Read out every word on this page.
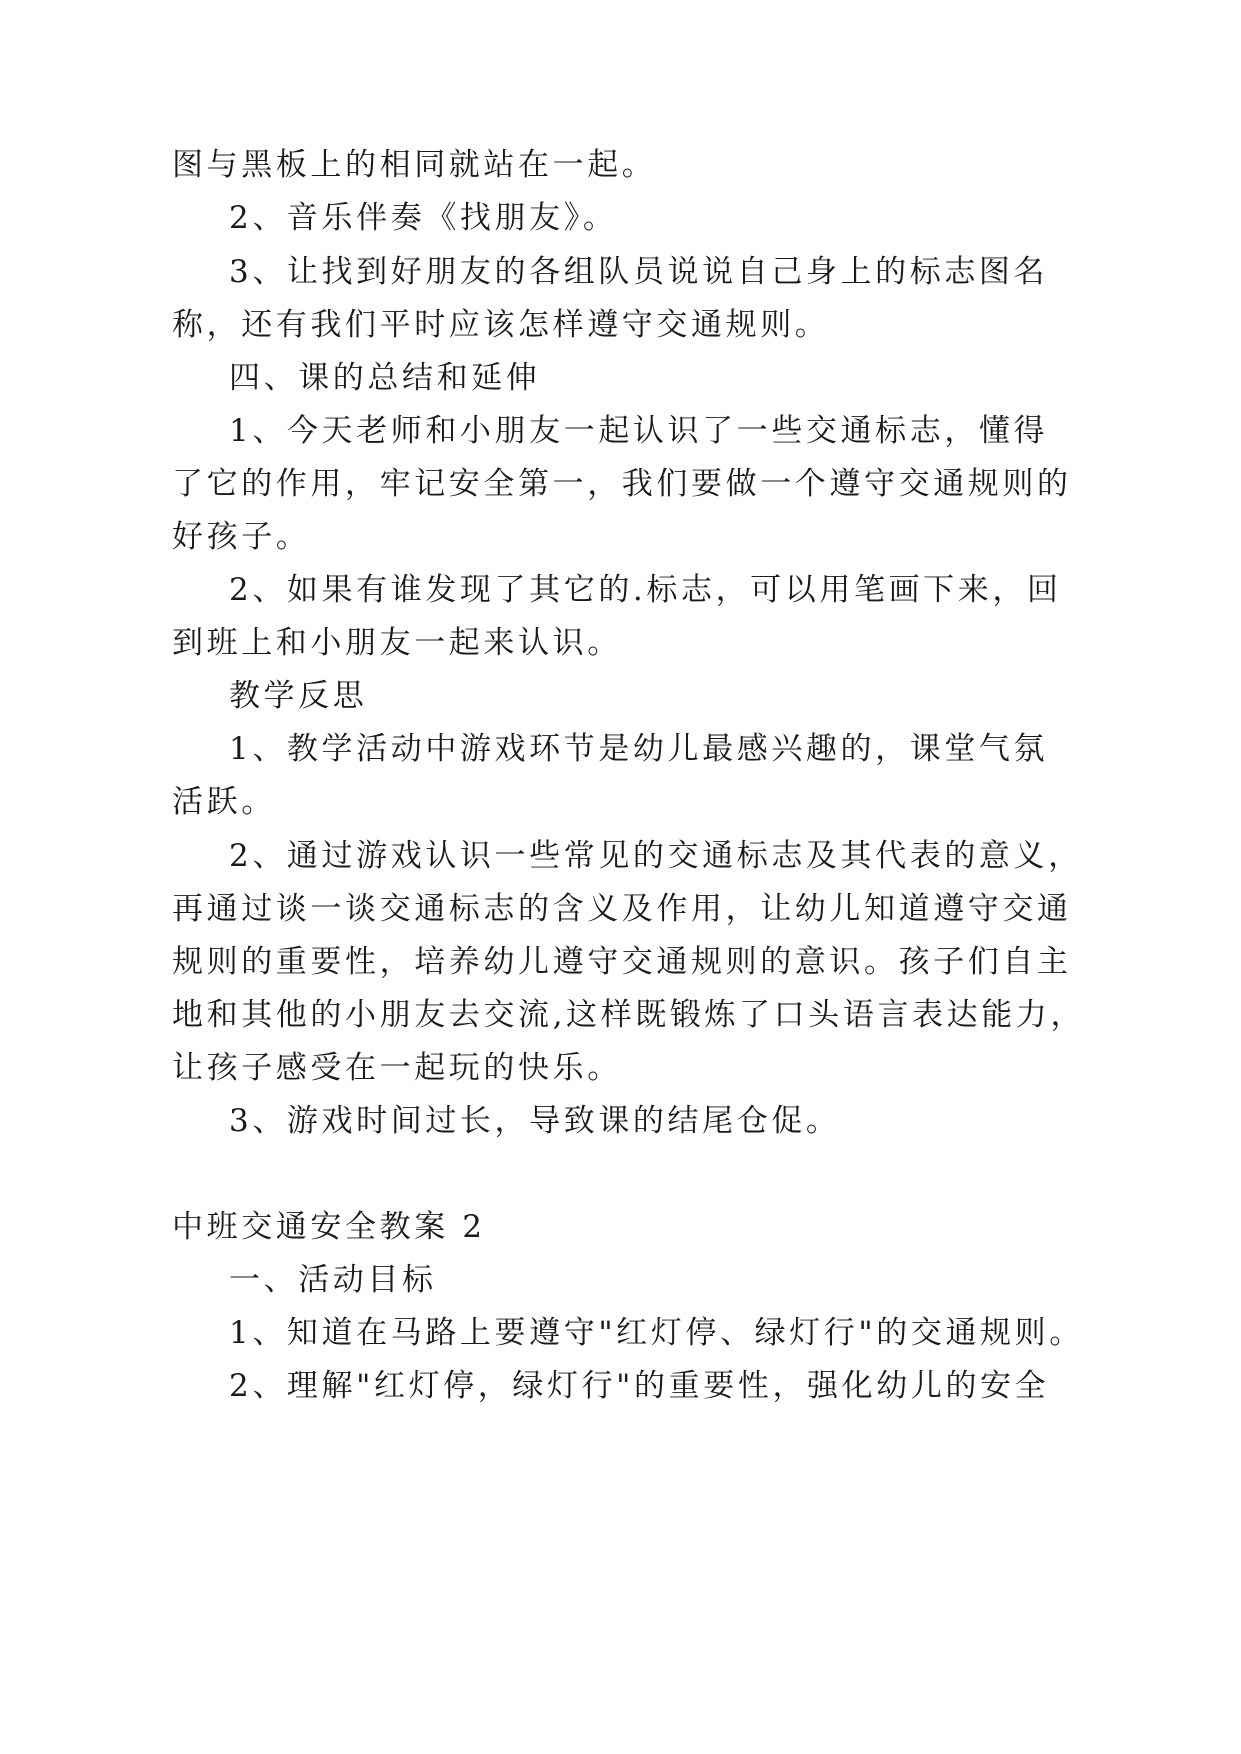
图与黑板上的相同就站在一起。
2、音乐伴奏《找朋友》。
3、让找到好朋友的各组队员说说自己身上的标志图名
称，还有我们平时应该怎样遵守交通规则。
四、课的总结和延伸
1、今天老师和小朋友一起认识了一些交通标志，懂得
了它的作用，牢记安全第一，我们要做一个遵守交通规则的
好孩子。
2、如果有谁发现了其它的.标志，可以用笔画下来，回
到班上和小朋友一起来认识。
教学反思
1、教学活动中游戏环节是幼儿最感兴趣的，课堂气氛
活跃。
2、通过游戏认识一些常见的交通标志及其代表的意义，
再通过谈一谈交通标志的含义及作用，让幼儿知道遵守交通
规则的重要性，培养幼儿遵守交通规则的意识。孩子们自主
地和其他的小朋友去交流,这样既锻炼了口头语言表达能力，
让孩子感受在一起玩的快乐。
3、游戏时间过长，导致课的结尾仓促。
中班交通安全教案 2
一、活动目标
1、知道在马路上要遵守"红灯停、绿灯行"的交通规则。
2、理解"红灯停，绿灯行"的重要性，强化幼儿的安全
